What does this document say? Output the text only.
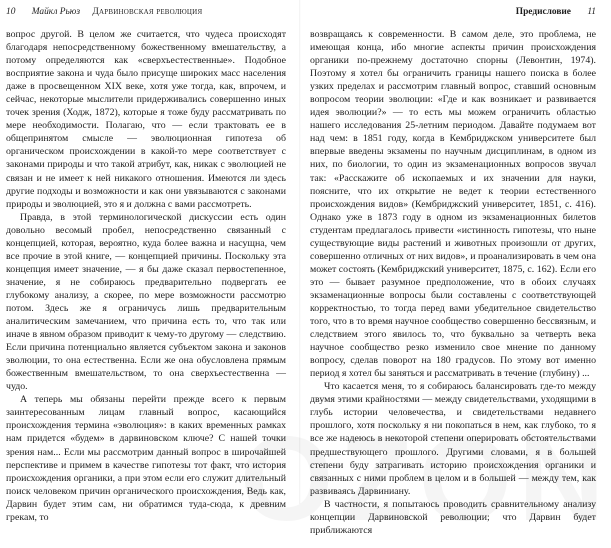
10 Майкл Рьюз Дарвиновская революция

вопрос другой. В целом же считается, что чудеса происходят благодаря непосредственному божественному вмешательству, а потому определяются как «сверхъестественные». Подобное восприятие закона и чуда было присуще широких масс населения даже в просвещенном XIX веке, хотя уже тогда, как, впрочем, и сейчас, некоторые мыслители придерживались совершенно иных точек зрения (Ходж, 1872), которые я тоже буду рассматривать по мере необходимости. Полагаю, что — если трактовать ее в общепринятом смысле — эволюционная гипотеза об органическом происхождении в какой-то мере соответствует с законами природы и что такой атрибут, как, никак с эволюцией не связан и не имеет к ней никакого отношения. Имеются ли здесь другие подходы и возможности и как они увязываются с законами природы и эволюцией, это я и должна с вами рассмотреть.

Правда, в этой терминологической дискуссии есть один довольно весомый пробел, непосредственно связанный с концепцией, которая, вероятно, куда более важна и насущна, чем все прочие в этой книге, — концепцией причины. Поскольку эта концепция имеет значение, — я бы даже сказал первостепенное, значение, я не собираюсь предварительно подвергать ее глубокому анализу, а скорее, по мере возможности рассмотрю потом. Здесь же я ограничусь лишь предварительным аналитическим замечанием, что причина есть то, что так или иначе в явном образом приводит к чему-то другому — следствию. Если причина потенциально является субъектом закона и законов эволюции, то она естественна. Если же она обусловлена прямым божественным вмешательством, то она сверхъестественна — чудо.

А теперь мы обязаны перейти прежде всего к первым заинтересованным лицам главный вопрос, касающийся происхождения термина «эволюция»: в каких временных рамках нам придется «будем» в дарвиновском ключе? С нашей точки зрения нам... Если мы рассмотрим данный вопрос в широчайшей перспективе и примем в качестве гипотезы тот факт, что история происхождения органики, а при этом если его служит длительный поиск человеком причин органического происхождения, Ведь как, Дарвин будет этим сам, ни обратимся туда-сюда, к древним грекам, то

Предисловие 11

возвращаясь к современности. В самом деле, это проблема, не имеющая конца, ибо многие аспекты причин происхождения органики по-прежнему достаточно спорны (Левонтин, 1974). Поэтому я хотел бы ограничить границы нашего поиска в более узких пределах и рассмотрим главный вопрос, ставший основным вопросом теории эволюции: «Где и как возникает и развивается идея эволюции?» — то есть мы можем ограничить областью нашего исследования 25-летним периодом. Давайте подумаем вот над чем: в 1851 году, когда в Кембриджском университете был впервые введены экзамены по научным дисциплинам, в одном из них, по биологии, то один из экзаменационных вопросов звучал так: «Расскажите об ископаемых и их значении для науки, поясните, что их открытие не ведет к теории естественного происхождения видов» (Кембриджский университет, 1851, с. 416). Однако уже в 1873 году в одном из экзаменационных билетов студентам предлагалось привести «истинность гипотезы, что ныне существующие виды растений и животных произошли от других, совершенно отличных от них видов», и проанализировать в чем она может состоять (Кембриджский университет, 1875, с. 162). Если его это — бывает разумное предположение, что в обоих случаях экзаменационные вопросы были составлены с соответствующей корректностью, то тогда перед вами убедительное свидетельство того, что в то время научное сообщество совершенно бессвязным, и следствием этого явилось то, что буквально за четверть века научное сообщество резко изменило свое мнение по данному вопросу, сделав поворот на 180 градусов. По этому вот именно период я хотел бы заняться и рассматривать в течение (глубину) ...

Что касается меня, то я собираюсь балансировать где-то между двумя этими крайностями — между свидетельствами, уходящими в глубь истории человечества, и свидетельствами недавнего прошлого, хотя поскольку я ни покопаться в нем, как глубоко, то я все же надеюсь в некоторой степени оперировать обстоятельствами предшествующего прошлого. Другими словами, я в большей степени буду затрагивать историю происхождения органики и связанных с ними проблем в целом и в большей — между тем, как развиваясь Дарвиниану.

В частности, я попытаюсь проводить сравнительному анализу концепции Дарвиновской революции; что Дарвин будет приближаются
